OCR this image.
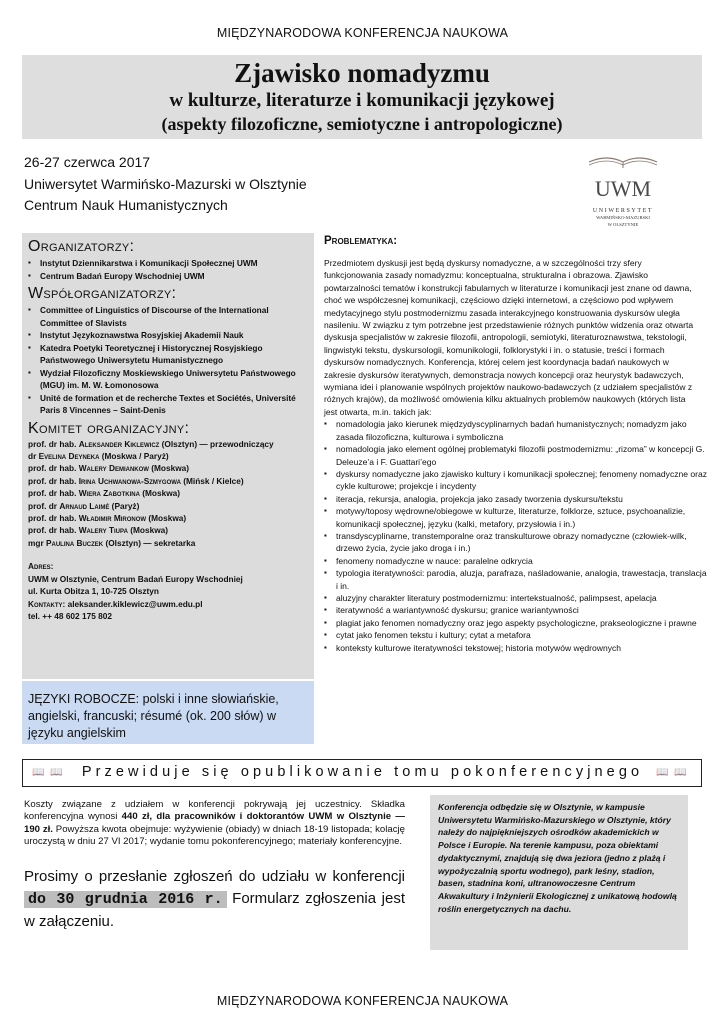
MIĘDZYNARODOWA KONFERENCJA NAUKOWA
Zjawisko nomadyzmu
w kulturze, literaturze i komunikacji językowej
(aspekty filozoficzne, semiotyczne i antropologiczne)
26-27 czerwca 2017
Uniwersytet Warmińsko-Mazurski w Olsztynie
Centrum Nauk Humanistycznych
UWM
UNIWERSYTET
WARMIŃSKO-MAZURSKI
W OLSZTYNIE
Organizatorzy:
▪ Instytut Dziennikarstwa i Komunikacji Społecznej UWM
▪ Centrum Badań Europy Wschodniej UWM
Współorganizatorzy:
▪ Committee of Linguistics of Discourse of the International Committee of Slavists
▪ Instytut Językoznawstwa Rosyjskiej Akademii Nauk
▪ Katedra Poetyki Teoretycznej i Historycznej Rosyjskiego Państwowego Uniwersytetu Humanistycznego
▪ Wydział Filozoficzny Moskiewskiego Uniwersytetu Państwowego (MGU) im. M. W. Łomonosowa
▪ Unité de formation et de recherche Textes et Sociétés, Université Paris 8 Vincennes – Saint-Denis
Komitet organizacyjny:
prof. dr hab. Aleksander Kiklewicz (Olsztyn) — przewodniczący
dr Evelina Deyneka (Moskwa / Paryż)
prof. dr hab. Walery Demiankow (Moskwa)
prof. dr hab. Irina Uchwanowa-Szmygowa (Mińsk / Kielce)
prof. dr hab. Wiera Zabotkina (Moskwa)
prof. dr Arnaud Laimé (Paryż)
prof. dr hab. Władimir Mironow (Moskwa)
prof. dr hab. Walery Tiupa (Moskwa)
mgr Paulina Buczek (Olsztyn) — sekretarka
Adres:
UWM w Olsztynie, Centrum Badań Europy Wschodniej
ul. Kurta Obitza 1, 10-725 Olsztyn
Kontakty: aleksander.kiklewicz@uwm.edu.pl
tel. ++ 48 602 175 802
JĘZYKI ROBOCZE: polski i inne słowiańskie, angielski, francuski; résumé (ok. 200 słów) w języku angielskim
Problematyka:
Przedmiotem dyskusji jest będą dyskursy nomadyczne, a w szczególności trzy sfery funkcjonowania zasady nomadyzmu: konceptualna, strukturalna i obrazowa. Zjawisko powtarzalności tematów i konstrukcji fabularnych w literaturze i komunikacji jest znane od dawna, choć we współczesnej komunikacji, częściowo dzięki internetowi, a częściowo pod wpływem medytacyjnego stylu postmodernizmu zasada interakcyjnego konstruowania dyskursów uległa nasileniu. W związku z tym potrzebne jest przedstawienie różnych punktów widzenia oraz otwarta dyskusja specjalistów w zakresie filozofii, antropologii, semiotyki, literaturoznawstwa, tekstologii, lingwistyki tekstu, dyskursologii, komunikologii, folklorystyki i in. o statusie, treści i formach dyskursów nomadycznych. Konferencja, której celem jest koordynacja badań naukowych w zakresie dyskursów iteratywnych, demonstracja nowych koncepcji oraz heurystyk badawczych, wymiana idei i planowanie wspólnych projektów naukowo-badawczych (z udziałem specjalistów z różnych krajów), da możliwość omówienia kilku aktualnych problemów naukowych (których lista jest otwarta, m.in. takich jak:
▪ nomadologia jako kierunek międzydyscyplinarnych badań humanistycznych; nomadyzm jako zasada filozoficzna, kulturowa i symboliczna
▪ nomadologia jako element ogólnej problematyki filozofii postmodernizmu: „rizoma” w koncepcji G. Deleuze’a i F. Guattari’ego
▪ dyskursy nomadyczne jako zjawisko kultury i komunikacji społecznej; fenomeny nomadyczne oraz cykle kulturowe; projekcje i incydenty
▪ iteracja, rekursja, analogia, projekcja jako zasady tworzenia dyskursu/tekstu
▪ motywy/toposy wędrowne/obiegowe w kulturze, literaturze, folklorze, sztuce, psychoanalizie, komunikacji społecznej, języku (kalki, metafory, przysłowia i in.)
▪ transdyscyplinarne, transtemporalne oraz transkulturowe obrazy nomadyczne (człowiek-wilk, drzewo życia, życie jako droga i in.)
▪ fenomeny nomadyczne w nauce: paralelne odkrycia
▪ typologia iteratywności: parodia, aluzja, parafraza, naśladowanie, analogia, trawestacja, translacja i in.
▪ aluzyjny charakter literatury postmodernizmu: intertekstualność, palimpsest, apelacja
▪ iteratywność a wariantywność dyskursu; granice wariantywności
▪ plagiat jako fenomen nomadyczny oraz jego aspekty psychologiczne, prakseologiczne i prawne
▪ cytat jako fenomen tekstu i kultury; cytat a metafora
▪ konteksty kulturowe iteratywności tekstowej; historia motywów wędrownych
📖 📖	📖 📖
Przewiduje się opublikowanie tomu pokonferencyjnego
Koszty związane z udziałem w konferencji pokrywają jej uczestnicy. Składka konferencyjna wynosi 440 zł, dla pracowników i doktorantów UWM w Olsztynie — 190 zł. Powyższa kwota obejmuje: wyżywienie (obiady) w dniach 18-19 listopada; kolację uroczystą w dniu 27 VI 2017; wydanie tomu pokonferencyjnego; materiały konferencyjne.
Prosimy o przesłanie zgłoszeń do udziału w konferencji do 30 grudnia 2016 r. Formularz zgłoszenia jest w załączeniu.
Konferencja odbędzie się w Olsztynie, w kampusie Uniwersytetu Warmińsko-Mazurskiego w Olsztynie, który należy do najpiękniejszych ośrodków akademickich w Polsce i Europie. Na terenie kampusu, poza obiektami dydaktycznymi, znajdują się dwa jeziora (jedno z plażą i wypożyczalnią sportu wodnego), park leśny, stadion, basen, stadnina koni, ultranowoczesne Centrum Akwakultury i Inżynierii Ekologicznej z unikatową hodowlą roślin energetycznych na dachu.
MIĘDZYNARODOWA KONFERENCJA NAUKOWA
